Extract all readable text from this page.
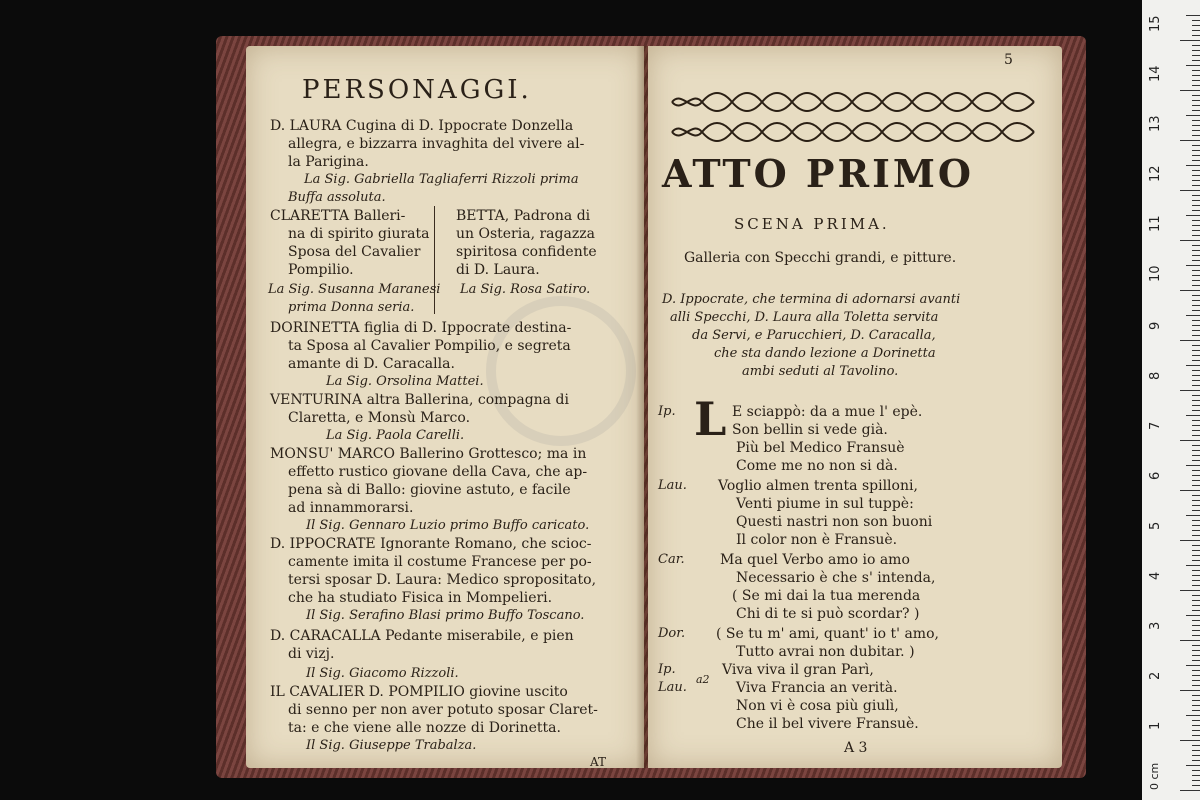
PERSONAGGI.
D. LAURA Cugina di D. Ippocrate Donzella
allegra, e bizzarra invaghita del vivere al-
la Parigina.
La Sig. Gabriella Tagliaferri Rizzoli prima
Buffa assoluta.
CLARETTA Balleri-
na di spirito giurata
Sposa del Cavalier
Pompilio.
La Sig. Susanna Maranesi
prima Donna seria.
BETTA, Padrona di
un Osteria, ragazza
spiritosa confidente
di D. Laura.
La Sig. Rosa Satiro.
DORINETTA figlia di D. Ippocrate destina-
ta Sposa al Cavalier Pompilio, e segreta
amante di D. Caracalla.
La Sig. Orsolina Mattei.
VENTURINA altra Ballerina, compagna di
Claretta, e Monsù Marco.
La Sig. Paola Carelli.
MONSU' MARCO Ballerino Grottesco; ma in
effetto rustico giovane della Cava, che ap-
pena sà di Ballo: giovine astuto, e facile
ad innammorarsi.
Il Sig. Gennaro Luzio primo Buffo caricato.
D. IPPOCRATE Ignorante Romano, che scioc-
camente imita il costume Francese per po-
tersi sposar D. Laura: Medico spropositato,
che ha studiato Fisica in Mompelieri.
Il Sig. Serafino Blasi primo Buffo Toscano.
D. CARACALLA Pedante miserabile, e pien
di vizj.
Il Sig. Giacomo Rizzoli.
IL CAVALIER D. POMPILIO giovine uscito
di senno per non aver potuto sposar Claret-
ta: e che viene alle nozze di Dorinetta.
Il Sig. Giuseppe Trabalza.
AT
5
ATTO PRIMO
SCENA PRIMA.
Galleria con Specchi grandi, e pitture.
D. Ippocrate, che termina di adornarsi avanti
alli Specchi, D. Laura alla Toletta servita
da Servi, e Parucchieri, D. Caracalla,
che sta dando lezione a Dorinetta
ambi seduti al Tavolino.
L
Ip.
Lau.
Car.
Dor.
Ip.
Lau.
a2
E sciappò: da a mue l' epè.
Son bellin si vede già.
Più bel Medico Fransuè
Come me no non si dà.
Voglio almen trenta spilloni,
Venti piume in sul tuppè:
Questi nastri non son buoni
Il color non è Fransuè.
Ma quel Verbo amo io amo
Necessario è che s' intenda,
( Se mi dai la tua merenda
Chi di te si può scordar? )
( Se tu m' ami, quant' io t' amo,
Tutto avrai non dubitar. )
Viva viva il gran Parì,
Viva Francia an verità.
Non vi è cosa più giulì,
Che il bel vivere Fransuè.
A 3
0 cm
1
2
3
4
5
6
7
8
9
10
11
12
13
14
15
